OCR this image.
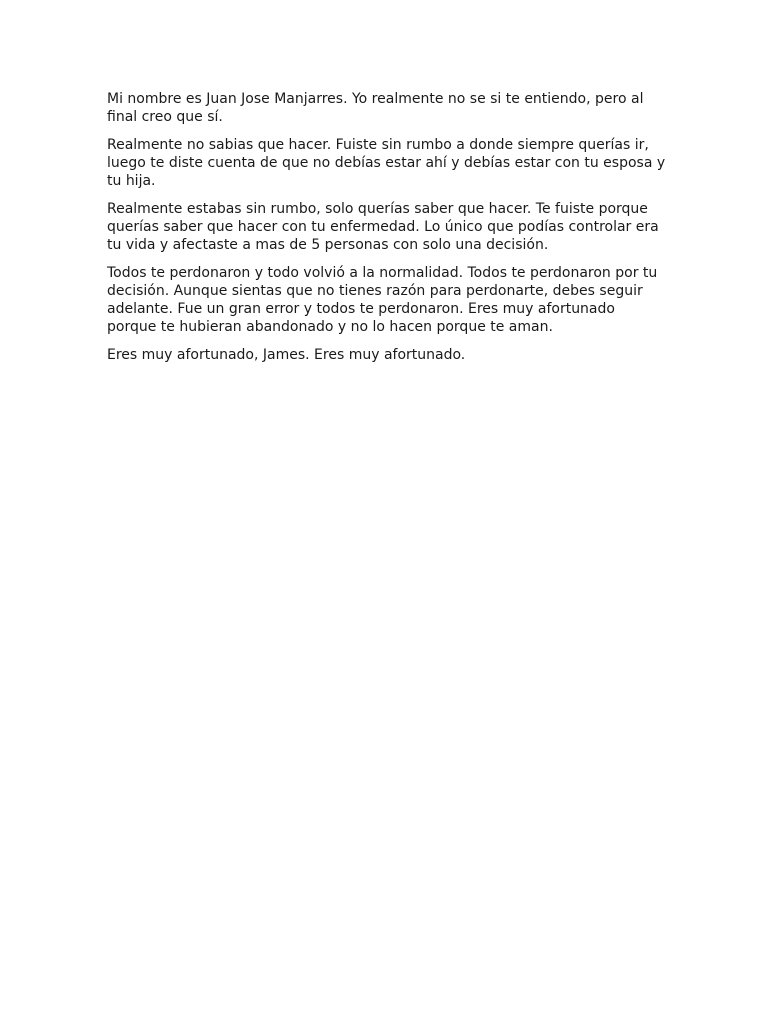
Mi nombre es Juan Jose Manjarres. Yo realmente no se si te entiendo, pero al final creo que sí.

Realmente no sabias que hacer. Fuiste sin rumbo a donde siempre querías ir, luego te diste cuenta de que no debías estar ahí y debías estar con tu esposa y tu hija.

Realmente estabas sin rumbo, solo querías saber que hacer. Te fuiste porque querías saber que hacer con tu enfermedad. Lo único que podías controlar era tu vida y afectaste a mas de 5 personas con solo una decisión.

Todos te perdonaron y todo volvió a la normalidad. Todos te perdonaron por tu decisión. Aunque sientas que no tienes razón para perdonarte, debes seguir adelante. Fue un gran error y todos te perdonaron. Eres muy afortunado porque te hubieran abandonado y no lo hacen porque te aman.

Eres muy afortunado, James. Eres muy afortunado.
